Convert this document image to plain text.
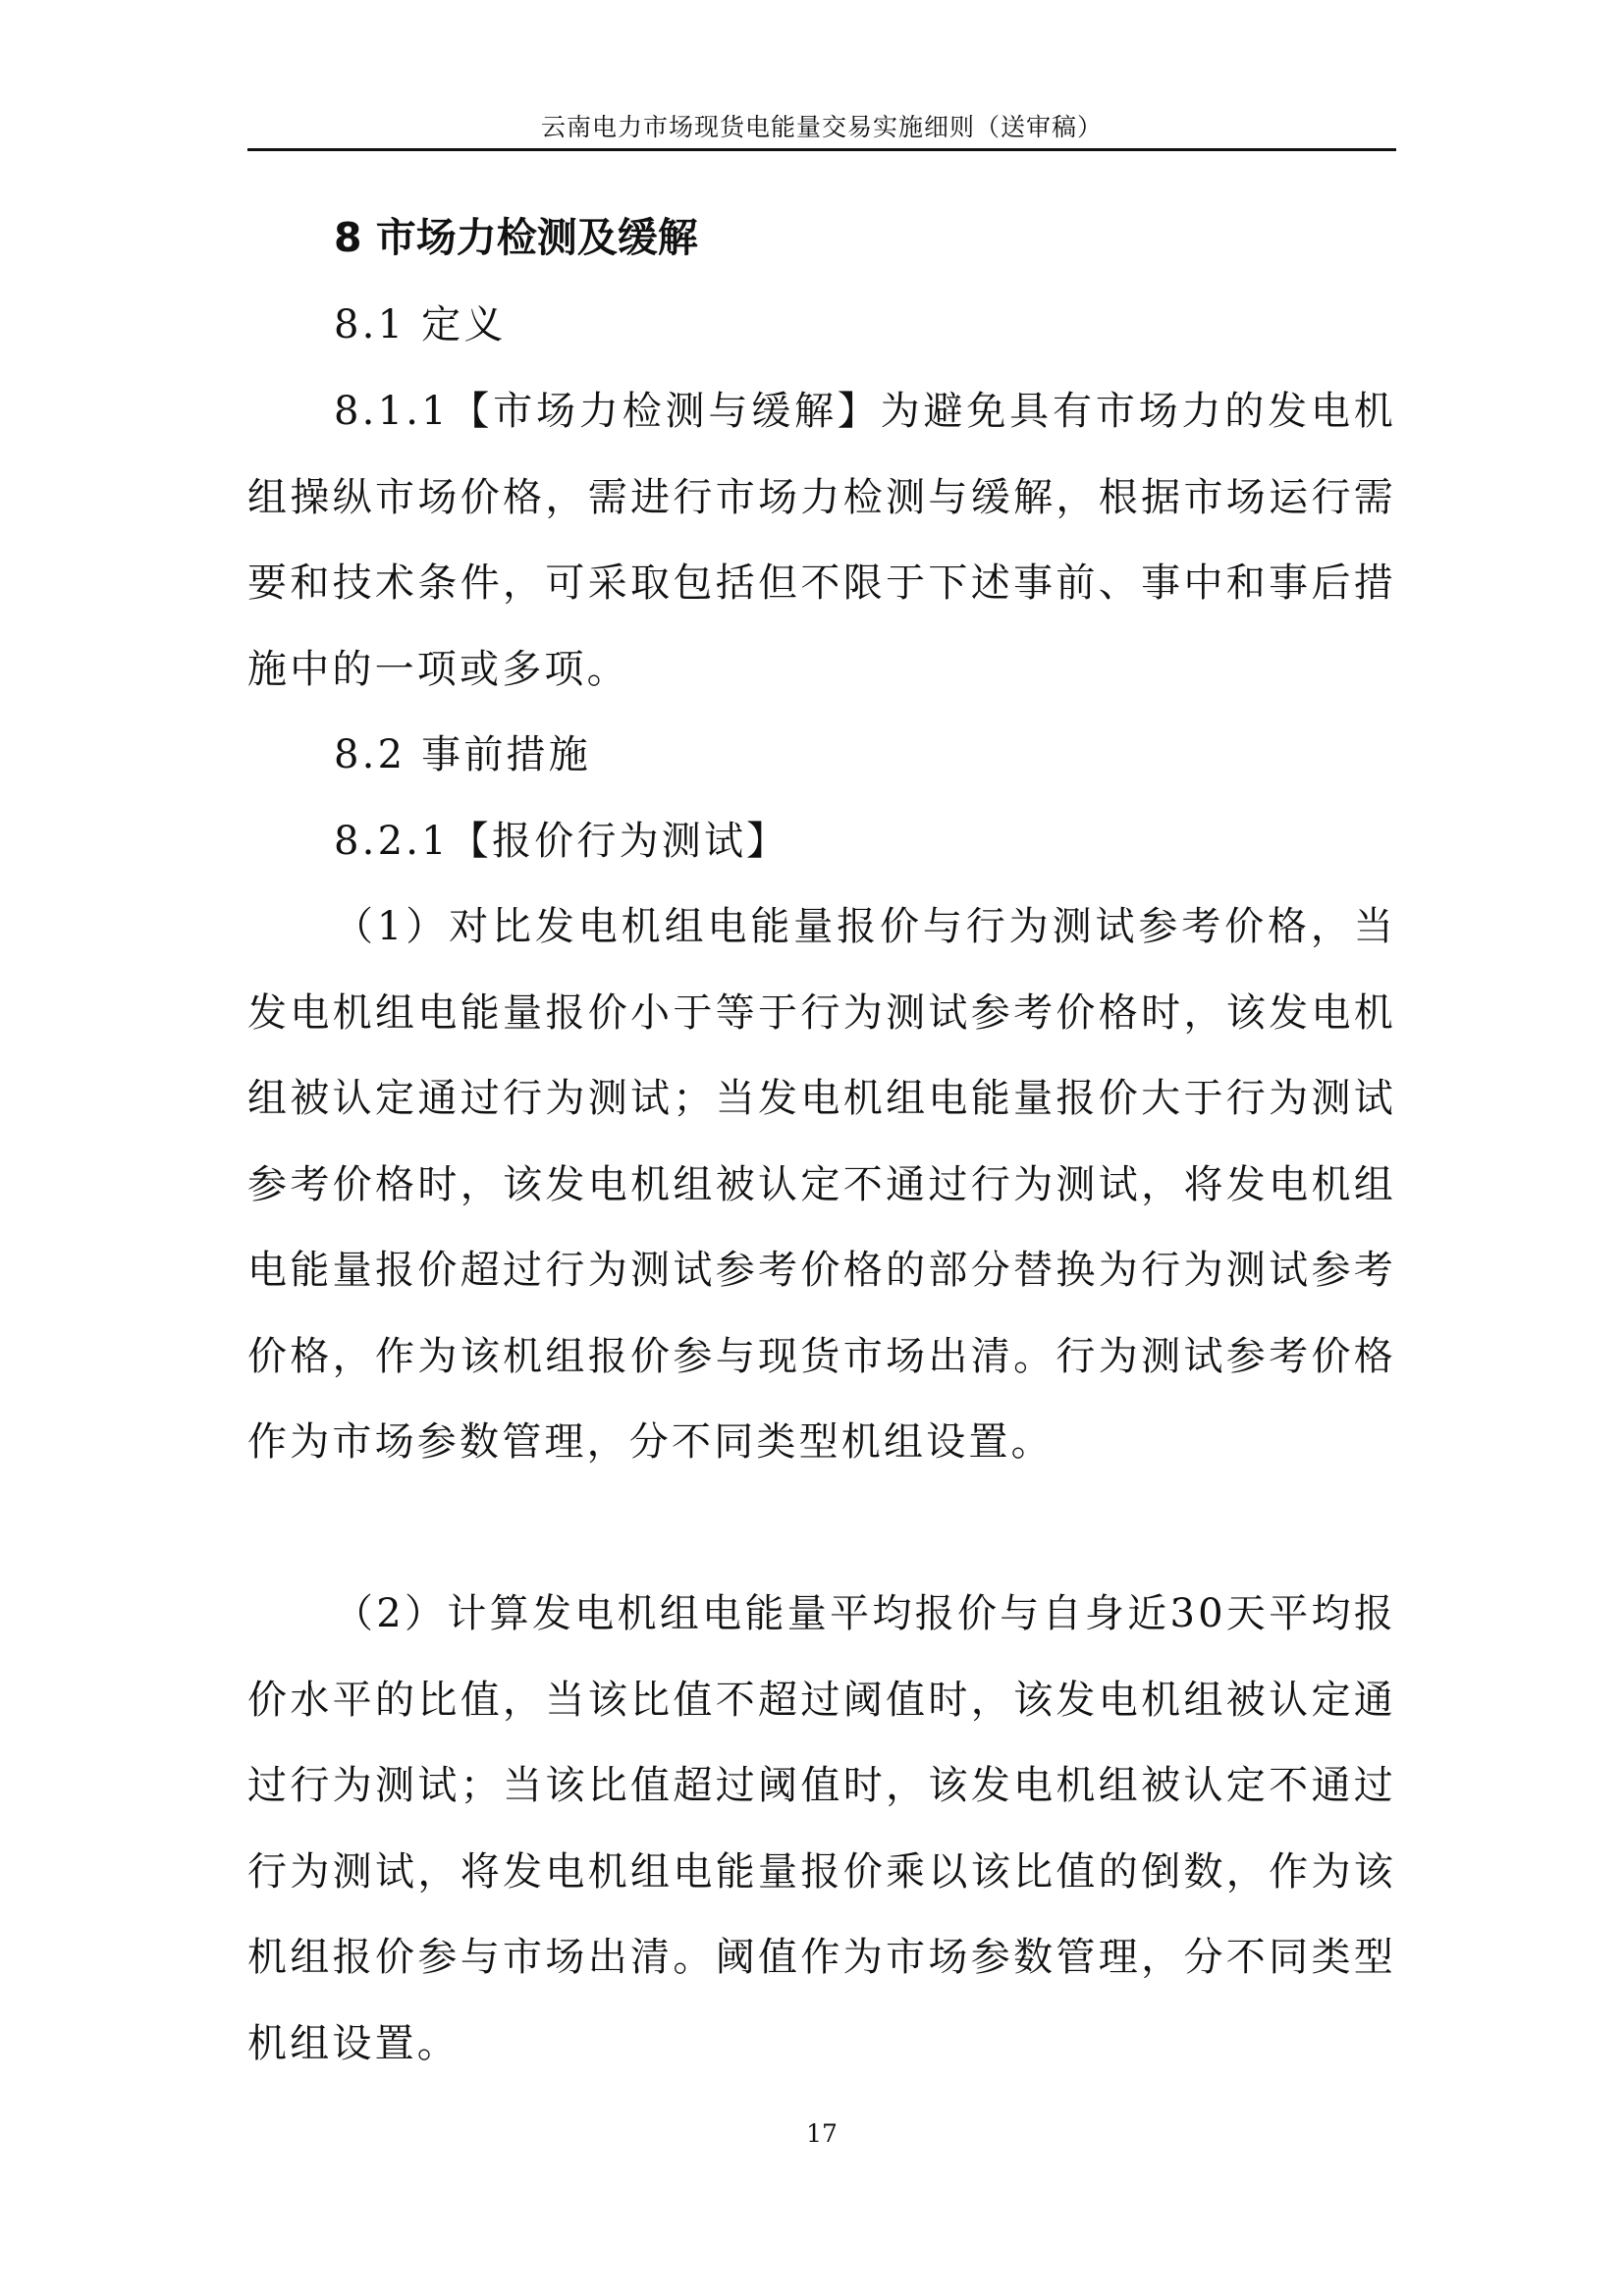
云南电力市场现货电能量交易实施细则（送审稿）
8 市场力检测及缓解

8.1 定义

8.1.1【市场力检测与缓解】为避免具有市场力的发电机组操纵市场价格，需进行市场力检测与缓解，根据市场运行需要和技术条件，可采取包括但不限于下述事前、事中和事后措施中的一项或多项。

8.2 事前措施

8.2.1【报价行为测试】

（1）对比发电机组电能量报价与行为测试参考价格，当发电机组电能量报价小于等于行为测试参考价格时，该发电机组被认定通过行为测试；当发电机组电能量报价大于行为测试参考价格时，该发电机组被认定不通过行为测试，将发电机组电能量报价超过行为测试参考价格的部分替换为行为测试参考价格，作为该机组报价参与现货市场出清。行为测试参考价格作为市场参数管理，分不同类型机组设置。

（2）计算发电机组电能量平均报价与自身近30天平均报价水平的比值，当该比值不超过阈值时，该发电机组被认定通过行为测试；当该比值超过阈值时，该发电机组被认定不通过行为测试，将发电机组电能量报价乘以该比值的倒数，作为该机组报价参与市场出清。阈值作为市场参数管理，分不同类型机组设置。

17
